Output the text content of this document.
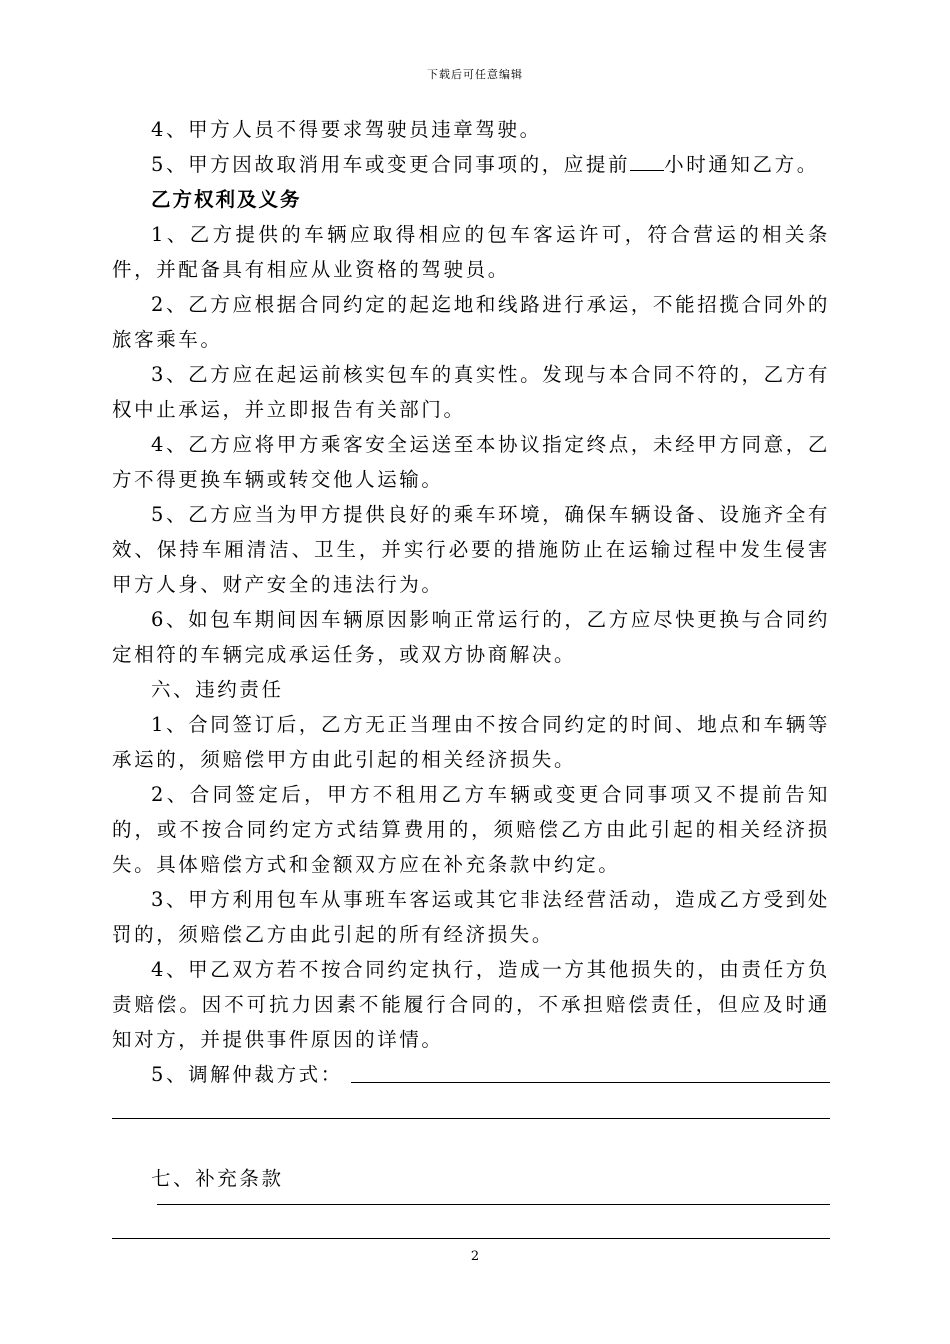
下载后可任意编辑

4、甲方人员不得要求驾驶员违章驾驶。

5、甲方因故取消用车或变更合同事项的，应提前 小时通知乙方。

乙方权利及义务

1、乙方提供的车辆应取得相应的包车客运许可，符合营运的相关条件，并配备具有相应从业资格的驾驶员。

2、乙方应根据合同约定的起迄地和线路进行承运，不能招揽合同外的旅客乘车。

3、乙方应在起运前核实包车的真实性。发现与本合同不符的，乙方有权中止承运，并立即报告有关部门。

4、乙方应将甲方乘客安全运送至本协议指定终点，未经甲方同意，乙方不得更换车辆或转交他人运输。

5、乙方应当为甲方提供良好的乘车环境，确保车辆设备、设施齐全有效、保持车厢清洁、卫生，并实行必要的措施防止在运输过程中发生侵害甲方人身、财产安全的违法行为。

6、如包车期间因车辆原因影响正常运行的，乙方应尽快更换与合同约定相符的车辆完成承运任务，或双方协商解决。

六、违约责任

1、合同签订后，乙方无正当理由不按合同约定的时间、地点和车辆等承运的，须赔偿甲方由此引起的相关经济损失。

2、合同签定后，甲方不租用乙方车辆或变更合同事项又不提前告知的，或不按合同约定方式结算费用的，须赔偿乙方由此引起的相关经济损失。具体赔偿方式和金额双方应在补充条款中约定。

3、甲方利用包车从事班车客运或其它非法经营活动，造成乙方受到处罚的，须赔偿乙方由此引起的所有经济损失。

4、甲乙双方若不按合同约定执行，造成一方其他损失的，由责任方负责赔偿。因不可抗力因素不能履行合同的，不承担赔偿责任，但应及时通知对方，并提供事件原因的详情。

5、调解仲裁方式：

七、补充条款

2
